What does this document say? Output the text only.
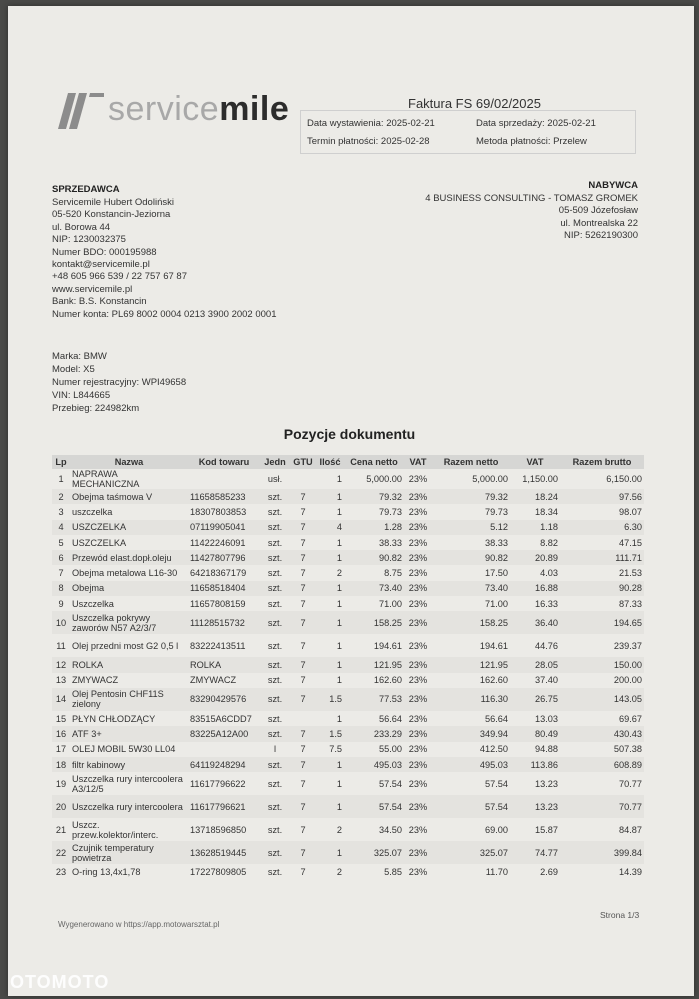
servicemile	Faktura FS 69/02/2025
Data wystawienia: 2025-02-21	Data sprzedaży: 2025-02-21
Termin płatności: 2025-02-28	Metoda płatności: Przelew
SPRZEDAWCA
Servicemile Hubert Odoliński
05-520 Konstancin-Jeziorna
ul. Borowa 44
NIP: 1230032375
Numer BDO: 000195988
kontakt@servicemile.pl
+48 605 966 539 / 22 757 67 87
www.servicemile.pl
Bank: B.S. Konstancin
Numer konta: PL69 8002 0004 0213 3900 2002 0001
NABYWCA
4 BUSINESS CONSULTING - TOMASZ GROMEK
05-509 Józefosław
ul. Montrealska 22
NIP: 5262190300
Marka: BMW
Model: X5
Numer rejestracyjny: WPI49658
VIN: L844665
Przebieg: 224982km
Pozycje dokumentu
Lp	Nazwa	Kod towaru	Jedn	GTU	Ilość	Cena netto	VAT	Razem netto	VAT	Razem brutto
1	NAPRAWA MECHANICZNA		usł.		1	5,000.00	23%	5,000.00	1,150.00	6,150.00
2	Obejma taśmowa V	11658585233	szt.	7	1	79.32	23%	79.32	18.24	97.56
3	uszczelka	18307803853	szt.	7	1	79.73	23%	79.73	18.34	98.07
4	USZCZELKA	07119905041	szt.	7	4	1.28	23%	5.12	1.18	6.30
5	USZCZELKA	11422246091	szt.	7	1	38.33	23%	38.33	8.82	47.15
6	Przewód elast.dopł.oleju	11427807796	szt.	7	1	90.82	23%	90.82	20.89	111.71
7	Obejma metalowa L16-30	64218367179	szt.	7	2	8.75	23%	17.50	4.03	21.53
8	Obejma	11658518404	szt.	7	1	73.40	23%	73.40	16.88	90.28
9	Uszczelka	11657808159	szt.	7	1	71.00	23%	71.00	16.33	87.33
10	Uszczelka pokrywy zaworów N57 A2/3/7	11128515732	szt.	7	1	158.25	23%	158.25	36.40	194.65
11	Olej przedni most G2 0,5 l	83222413511	szt.	7	1	194.61	23%	194.61	44.76	239.37
12	ROLKA	ROLKA	szt.	7	1	121.95	23%	121.95	28.05	150.00
13	ZMYWACZ	ZMYWACZ	szt.	7	1	162.60	23%	162.60	37.40	200.00
14	Olej Pentosin CHF11S zielony	83290429576	szt.	7	1.5	77.53	23%	116.30	26.75	143.05
15	PŁYN CHŁODZĄCY	83515A6CDD7	szt.		1	56.64	23%	56.64	13.03	69.67
16	ATF 3+	83225A12A00	szt.	7	1.5	233.29	23%	349.94	80.49	430.43
17	OLEJ MOBIL 5W30 LL04		l	7	7.5	55.00	23%	412.50	94.88	507.38
18	filtr kabinowy	64119248294	szt.	7	1	495.03	23%	495.03	113.86	608.89
19	Uszczelka rury intercoolera A3/12/5	11617796622	szt.	7	1	57.54	23%	57.54	13.23	70.77
20	Uszczelka rury intercoolera	11617796621	szt.	7	1	57.54	23%	57.54	13.23	70.77
21	Uszcz. przew.kolektor/interc.	13718596850	szt.	7	2	34.50	23%	69.00	15.87	84.87
22	Czujnik temperatury powietrza	13628519445	szt.	7	1	325.07	23%	325.07	74.77	399.84
23	O-ring 13,4x1,78	17227809805	szt.	7	2	5.85	23%	11.70	2.69	14.39
Wygenerowano w https://app.motowarsztat.pl
Strona 1/3
OTOMOTO
